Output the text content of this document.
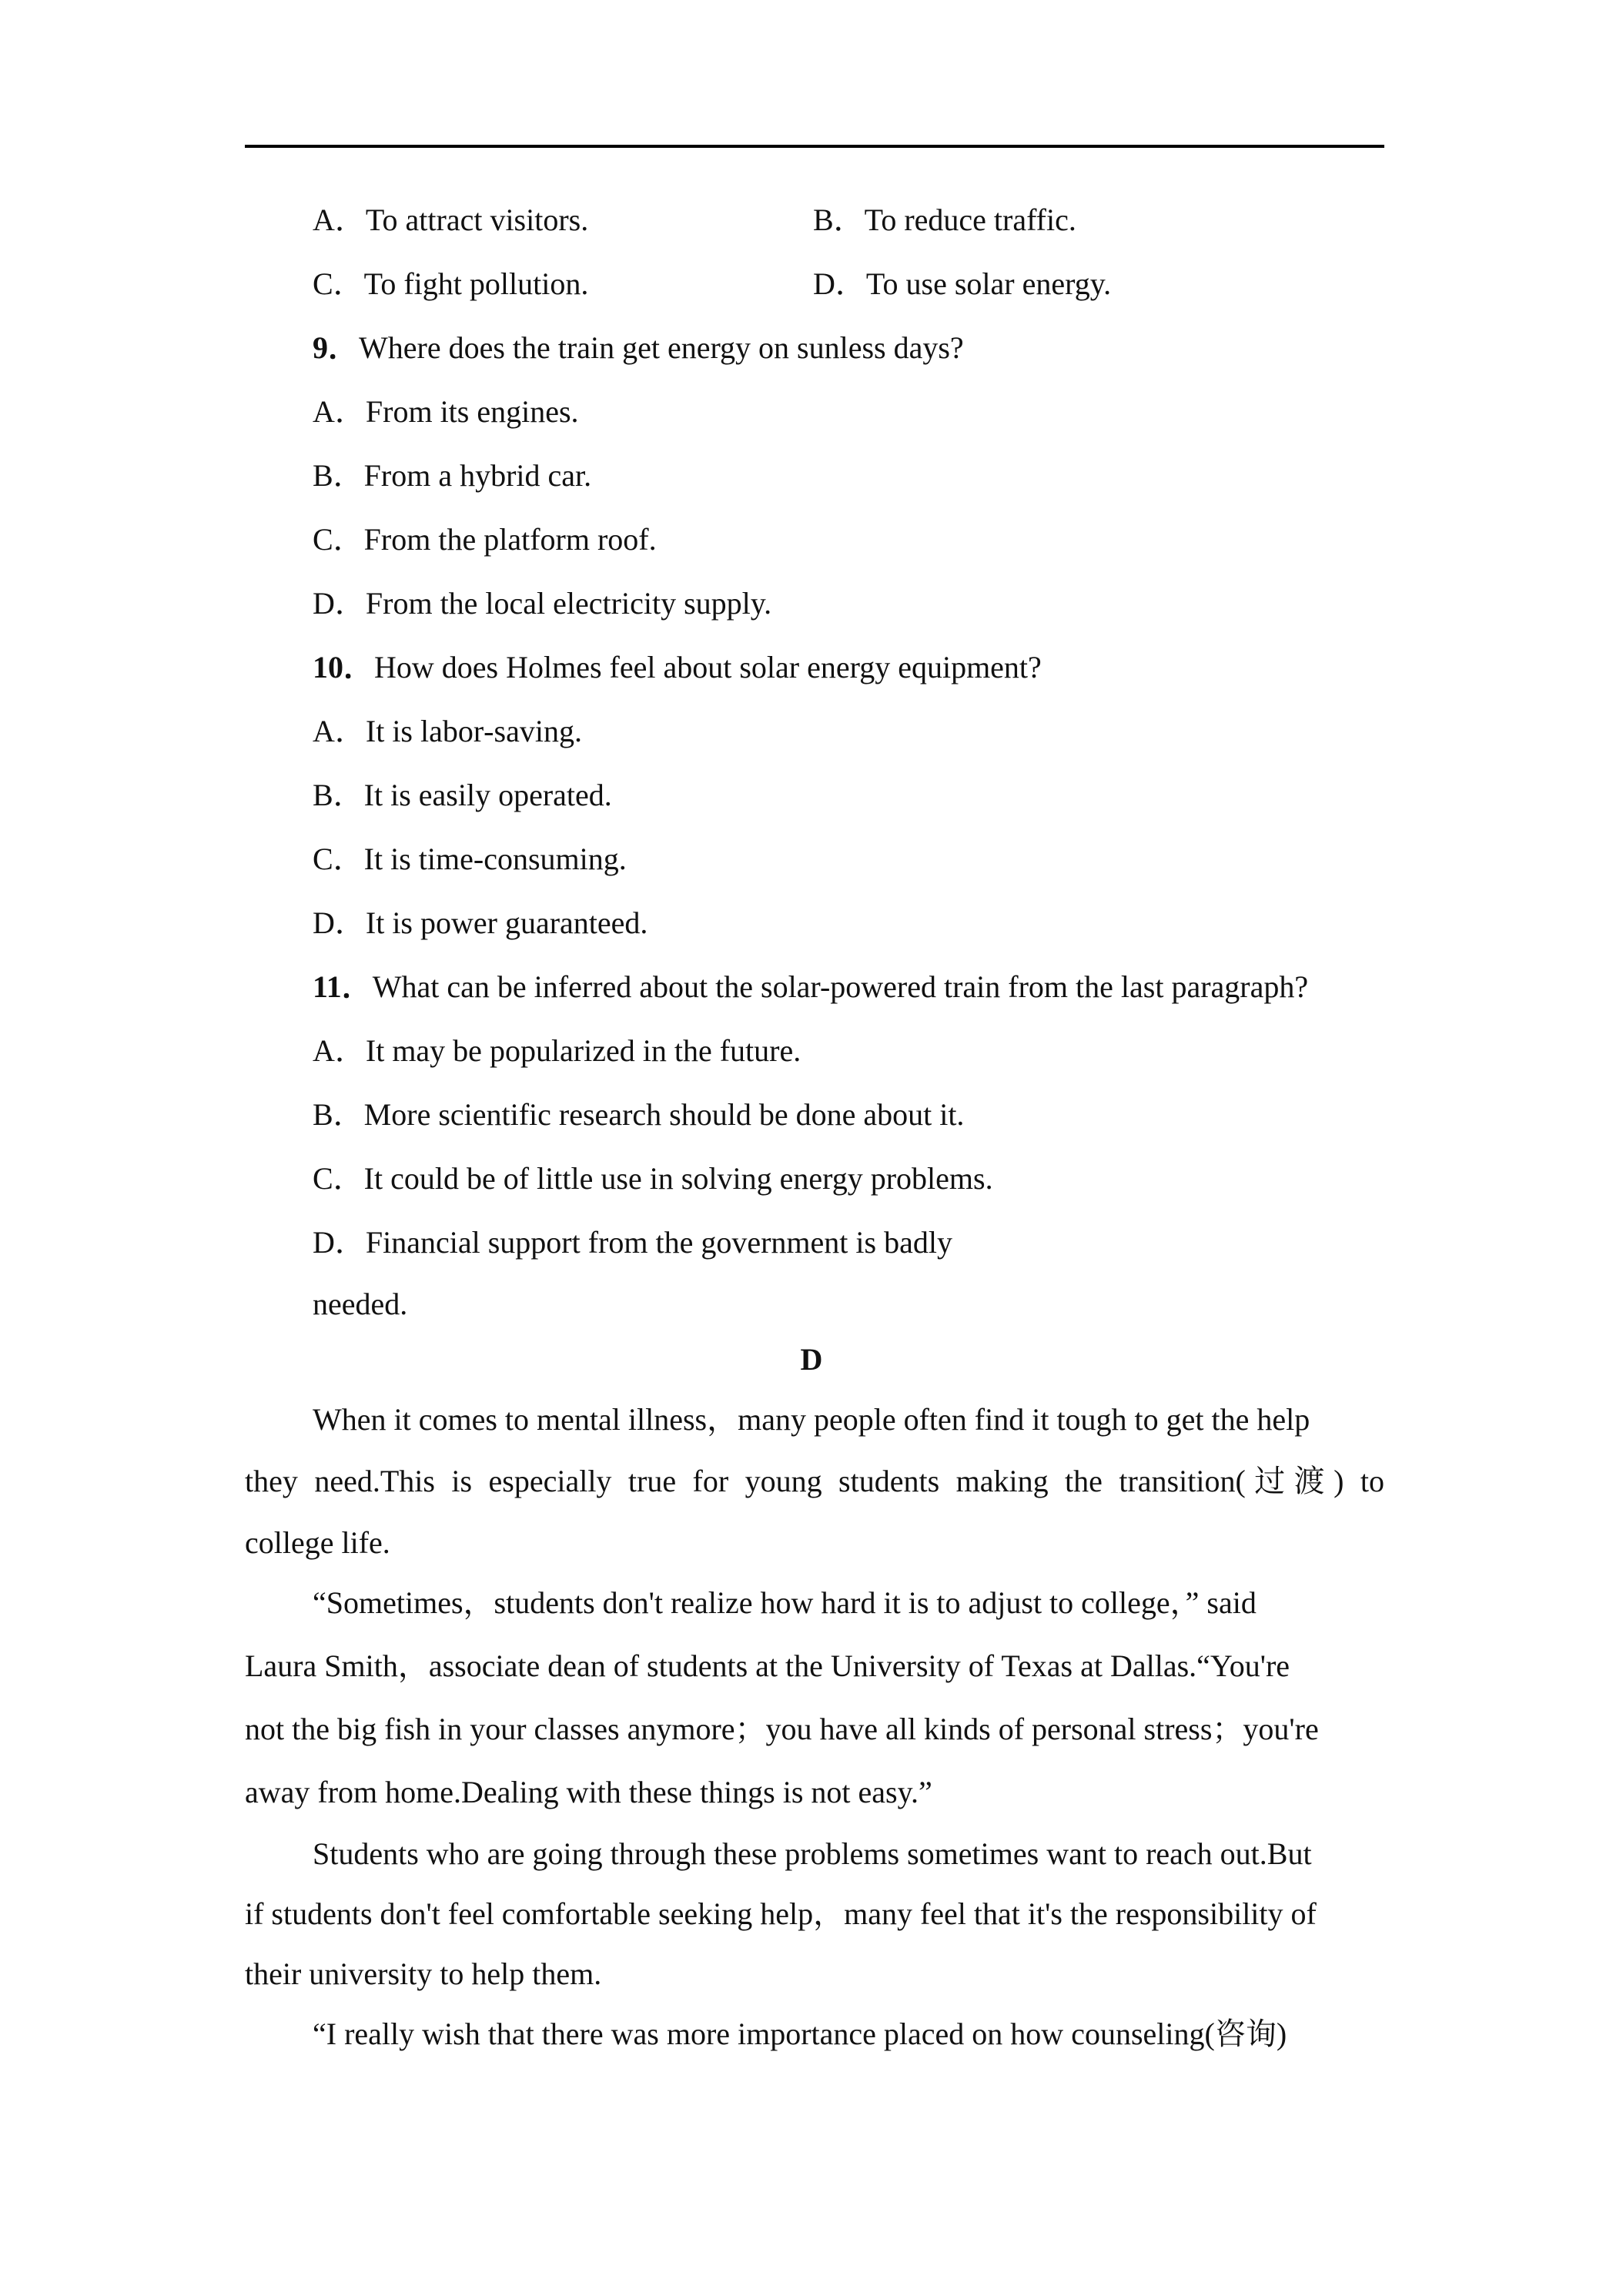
A．To attract visitors.	B．To reduce traffic.
C．To fight pollution.	D．To use solar energy.
9．Where does the train get energy on sunless days?
A．From its engines.
B．From a hybrid car.
C．From the platform roof.
D．From the local electricity supply.
10．How does Holmes feel about solar energy equipment?
A．It is labor‑saving.
B．It is easily operated.
C．It is time‑consuming.
D．It is power guaranteed.
11．What can be inferred about the solar-powered train from the last paragraph?
A．It may be popularized in the future.
B．More scientific research should be done about it.
C．It could be of little use in solving energy problems.
D．Financial support from the government is badly
needed.
D
When it comes to mental illness，many people often find it tough to get the help
they need.This is especially true for young students making the transition(过渡) to
college life.
“Sometimes，students don't realize how hard it is to adjust to college，” said
Laura Smith，associate dean of students at the University of Texas at Dallas.“You're
not the big fish in your classes anymore；you have all kinds of personal stress；you're
away from home.Dealing with these things is not easy.”
Students who are going through these problems sometimes want to reach out.But
if students don't feel comfortable seeking help，many feel that it's the responsibility of
their university to help them.
“I really wish that there was more importance placed on how counseling(咨询)
